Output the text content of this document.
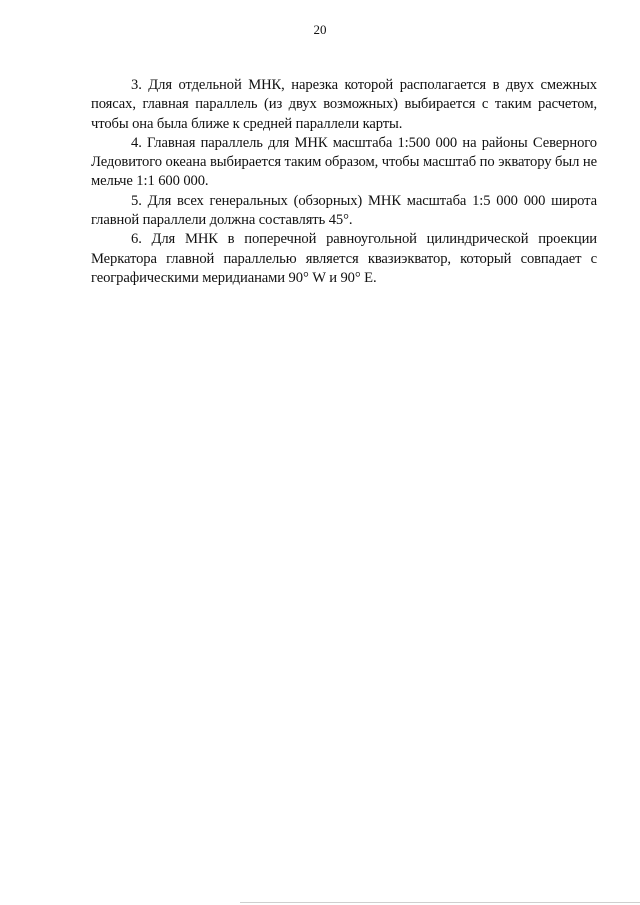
20

3. Для отдельной МНК, нарезка которой располагается в двух смежных поясах, главная параллель (из двух возможных) выбирается с таким расчетом, чтобы она была ближе к средней параллели карты.

4. Главная параллель для МНК масштаба 1:500 000 на районы Северного Ледовитого океана выбирается таким образом, чтобы масштаб по экватору был не мельче 1:1 600 000.

5. Для всех генеральных (обзорных) МНК масштаба 1:5 000 000 широта главной параллели должна составлять 45°.

6. Для МНК в поперечной равноугольной цилиндрической проекции Меркатора главной параллелью является квазиэкватор, который совпадает с географическими меридианами 90° W и 90° E.
